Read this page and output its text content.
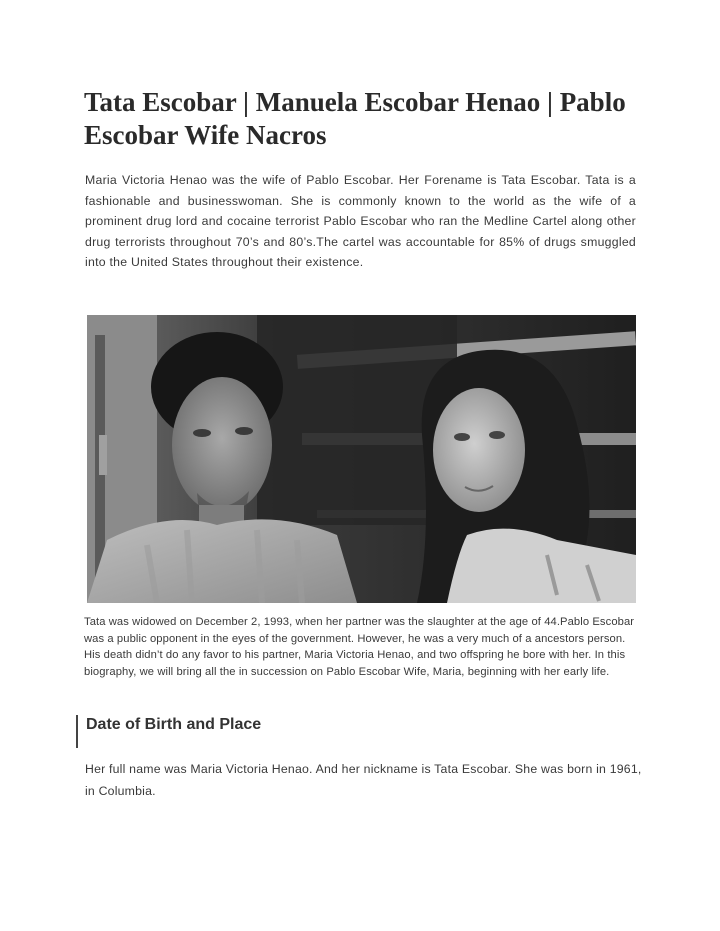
Tata Escobar | Manuela Escobar Henao | Pablo Escobar Wife Nacros

Maria Victoria Henao was the wife of Pablo Escobar. Her Forename is Tata Escobar. Tata is a fashionable and businesswoman. She is commonly known to the world as the wife of a prominent drug lord and cocaine terrorist Pablo Escobar who ran the Medline Cartel along other drug terrorists throughout 70’s and 80’s.The cartel was accountable for 85% of drugs smuggled into the United States throughout their existence.

Tata was widowed on December 2, 1993, when her partner was the slaughter at the age of 44.Pablo Escobar was a public opponent in the eyes of the government. However, he was a very much of a ancestors person. His death didn’t do any favor to his partner, Maria Victoria Henao, and two offspring he bore with her. In this biography, we will bring all the in succession on Pablo Escobar Wife, Maria, beginning with her early life.

Date of Birth and Place

Her full name was Maria Victoria Henao. And her nickname is Tata Escobar. She was born in 1961, in Columbia.
